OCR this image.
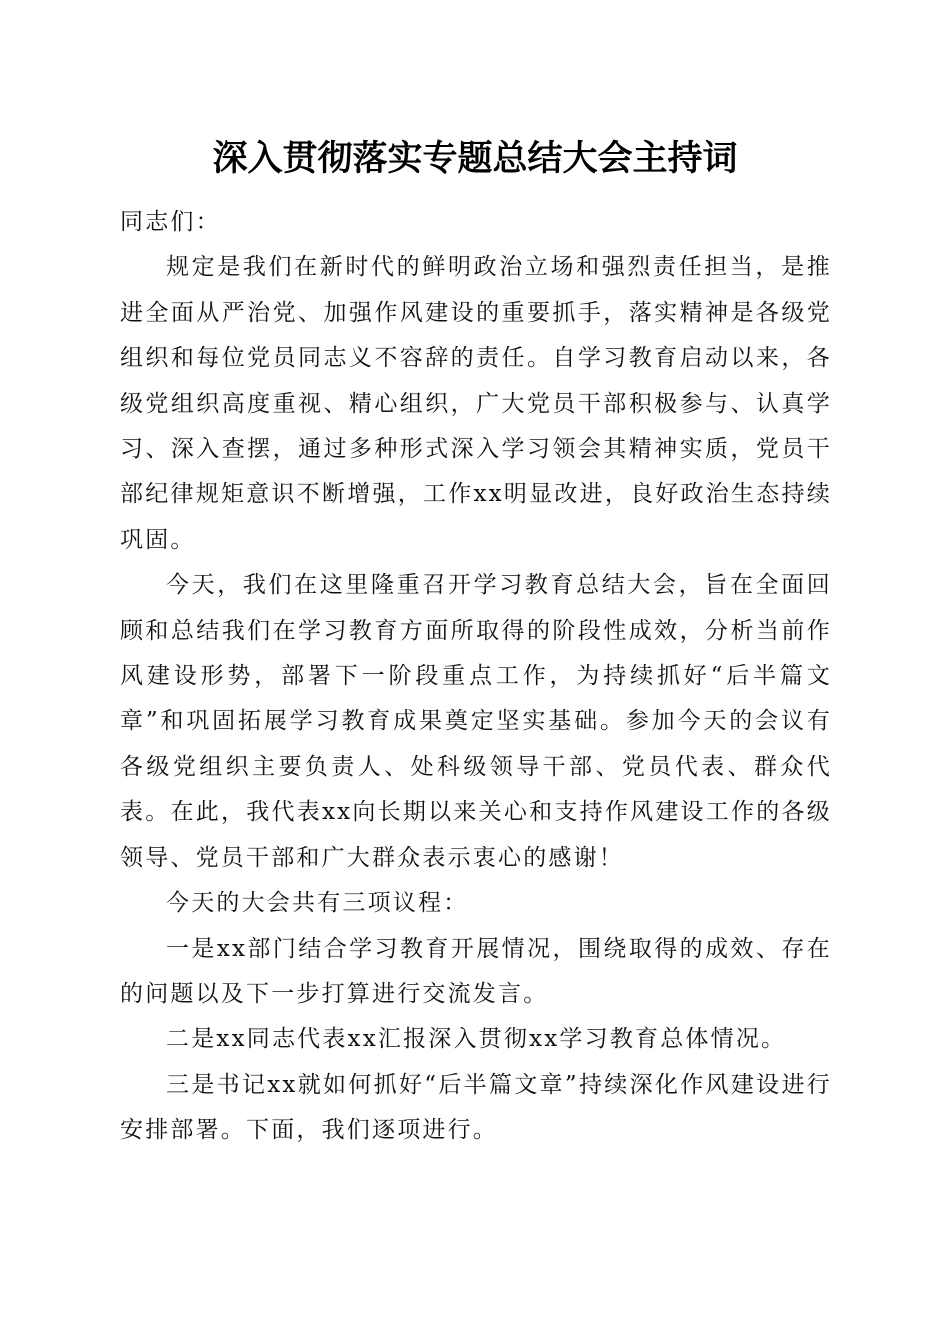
深入贯彻落实专题总结大会主持词

同志们：

规定是我们在新时代的鲜明政治立场和强烈责任担当，是推进全面从严治党、加强作风建设的重要抓手，落实精神是各级党组织和每位党员同志义不容辞的责任。自学习教育启动以来，各级党组织高度重视、精心组织，广大党员干部积极参与、认真学习、深入查摆，通过多种形式深入学习领会其精神实质，党员干部纪律规矩意识不断增强，工作xx明显改进，良好政治生态持续巩固。

今天，我们在这里隆重召开学习教育总结大会，旨在全面回顾和总结我们在学习教育方面所取得的阶段性成效，分析当前作风建设形势，部署下一阶段重点工作，为持续抓好“后半篇文章”和巩固拓展学习教育成果奠定坚实基础。参加今天的会议有各级党组织主要负责人、处科级领导干部、党员代表、群众代表。在此，我代表xx向长期以来关心和支持作风建设工作的各级领导、党员干部和广大群众表示衷心的感谢！

今天的大会共有三项议程：

一是xx部门结合学习教育开展情况，围绕取得的成效、存在的问题以及下一步打算进行交流发言。

二是xx同志代表xx汇报深入贯彻xx学习教育总体情况。

三是书记xx就如何抓好“后半篇文章”持续深化作风建设进行安排部署。下面，我们逐项进行。
